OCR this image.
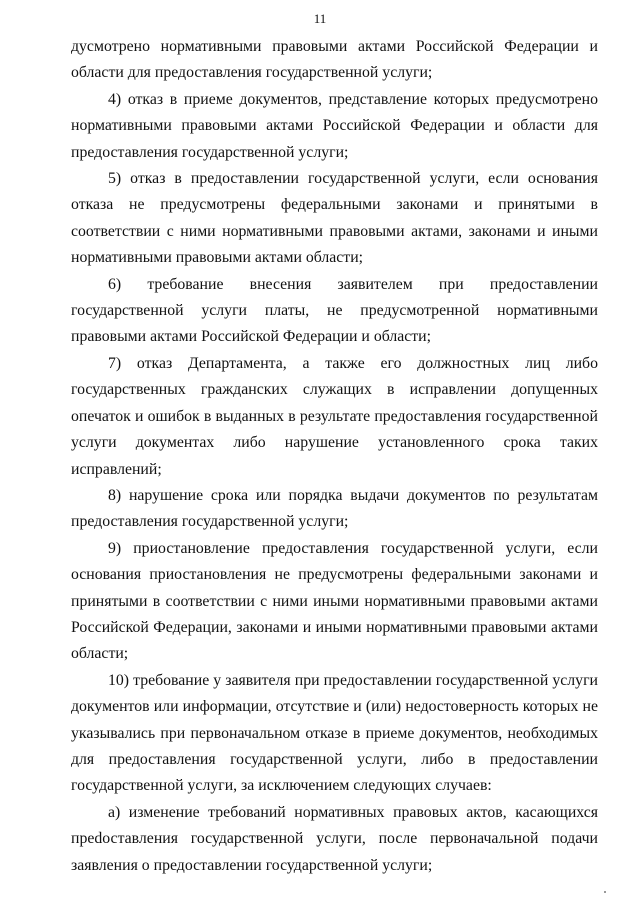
11

дусмотрено нормативными правовыми актами Российской Федерации и области для предоставления государственной услуги;

4) отказ в приеме документов, представление которых предусмотрено нормативными правовыми актами Российской Федерации и области для предоставления государственной услуги;

5) отказ в предоставлении государственной услуги, если основания отказа не предусмотрены федеральными законами и принятыми в соответствии с ними нормативными правовыми актами, законами и иными нормативными правовыми актами области;

6) требование внесения заявителем при предоставлении государственной услуги платы, не предусмотренной нормативными правовыми актами Российской Федерации и области;

7) отказ Департамента, а также его должностных лиц либо государственных гражданских служащих в исправлении допущенных опечаток и ошибок в выданных в результате предоставления государственной услуги документах либо нарушение установленного срока таких исправлений;

8) нарушение срока или порядка выдачи документов по результатам предоставления государственной услуги;

9) приостановление предоставления государственной услуги, если основания приостановления не предусмотрены федеральными законами и принятыми в соответствии с ними иными нормативными правовыми актами Российской Федерации, законами и иными нормативными правовыми актами области;

10) требование у заявителя при предоставлении государственной услуги документов или информации, отсутствие и (или) недостоверность которых не указывались при первоначальном отказе в приеме документов, необходимых для предоставления государственной услуги, либо в предоставлении государственной услуги, за исключением следующих случаев:

а) изменение требований нормативных правовых актов, касающихся преdоставления государственной услуги, после первоначальной подачи заявления о предоставлении государственной услуги;
